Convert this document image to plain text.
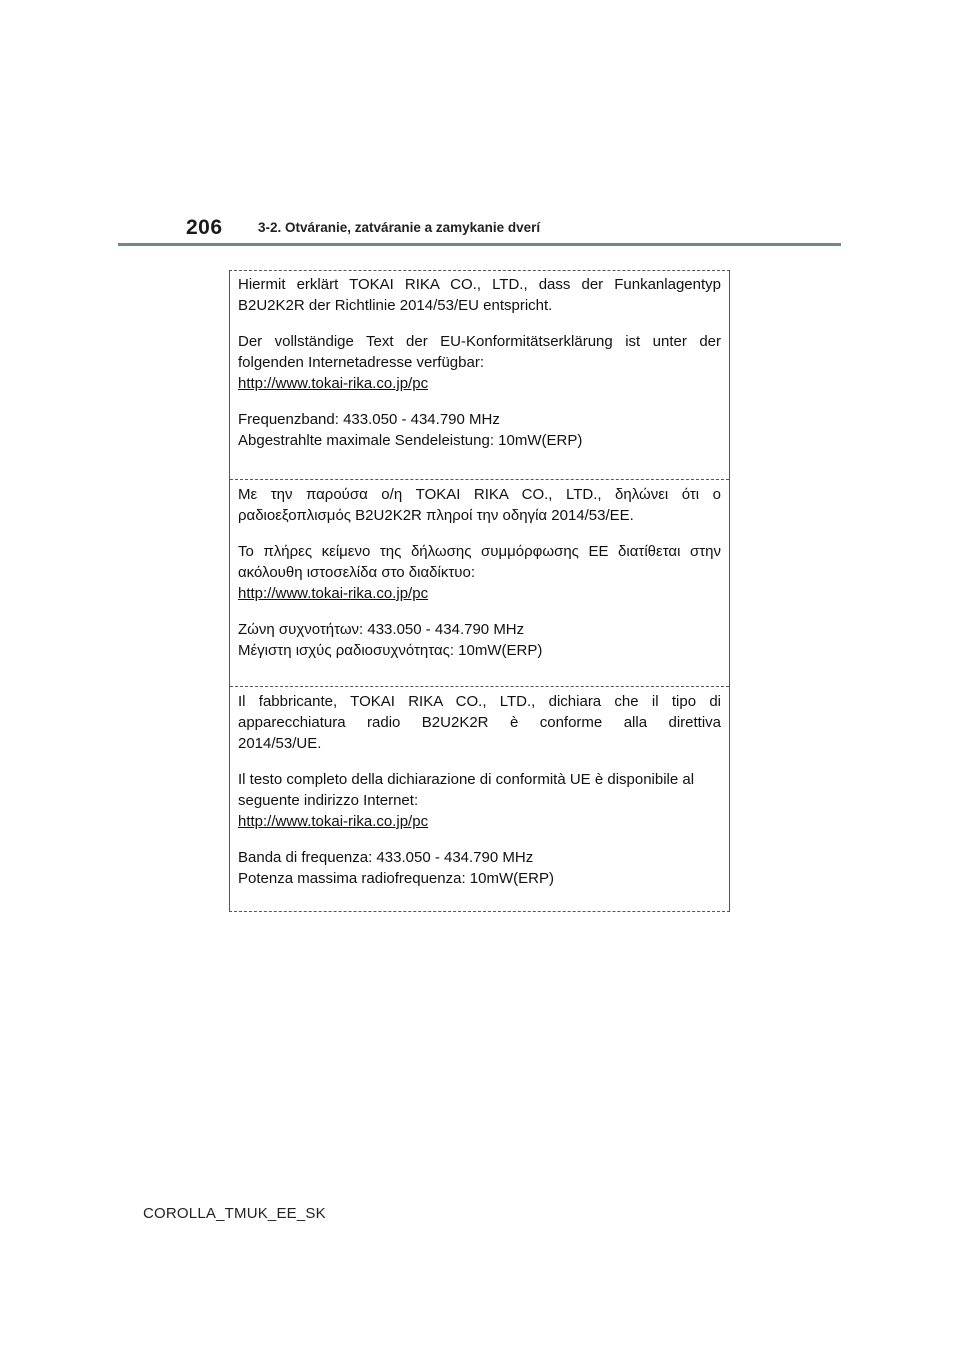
206	3-2. Otváranie, zatváranie a zamykanie dverí
Hiermit erklärt TOKAI RIKA CO., LTD., dass der Funkanlagentyp
B2U2K2R der Richtlinie 2014/53/EU entspricht.
Der vollständige Text der EU-Konformitätserklärung ist unter der
folgenden Internetadresse verfügbar:
http://www.tokai-rika.co.jp/pc
Frequenzband: 433.050 - 434.790 MHz
Abgestrahlte maximale Sendeleistung: 10mW(ERP)
Με την παρούσα ο/η TOKAI RIKA CO., LTD., δηλώνει ότι ο
ραδιοεξοπλισμός B2U2K2R πληροί την οδηγία 2014/53/ΕΕ.
Το πλήρες κείμενο της δήλωσης συμμόρφωσης ΕΕ διατίθεται στην
ακόλουθη ιστοσελίδα στο διαδίκτυο:
http://www.tokai-rika.co.jp/pc
Ζώνη συχνοτήτων: 433.050 - 434.790 MHz
Μέγιστη ισχύς ραδιοσυχνότητας: 10mW(ERP)
Il fabbricante, TOKAI RIKA CO., LTD., dichiara che il tipo di
apparecchiatura radio B2U2K2R è conforme alla direttiva
2014/53/UE.
Il testo completo della dichiarazione di conformità UE è disponibile al
seguente indirizzo Internet:
http://www.tokai-rika.co.jp/pc
Banda di frequenza: 433.050 - 434.790 MHz
Potenza massima radiofrequenza: 10mW(ERP)
COROLLA_TMUK_EE_SK
